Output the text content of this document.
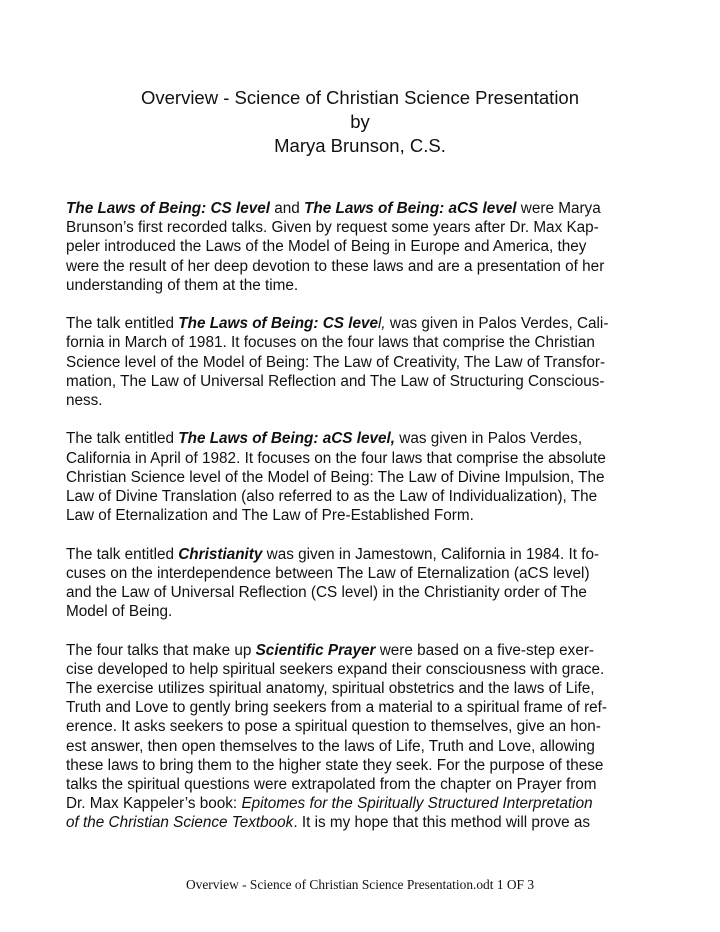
Overview - Science of Christian Science Presentation
by
Marya Brunson, C.S.
The Laws of Being: CS level and The Laws of Being: aCS level were Marya
Brunson’s first recorded talks. Given by request some years after Dr. Max Kap-
peler introduced the Laws of the Model of Being in Europe and America, they
were the result of her deep devotion to these laws and are a presentation of her
understanding of them at the time.
The talk entitled The Laws of Being: CS level, was given in Palos Verdes, Cali-
fornia in March of 1981. It focuses on the four laws that comprise the Christian
Science level of the Model of Being: The Law of Creativity, The Law of Transfor-
mation, The Law of Universal Reflection and The Law of Structuring Conscious-
ness.
The talk entitled The Laws of Being: aCS level, was given in Palos Verdes,
California in April of 1982. It focuses on the four laws that comprise the absolute
Christian Science level of the Model of Being: The Law of Divine Impulsion, The
Law of Divine Translation (also referred to as the Law of Individualization), The
Law of Eternalization and The Law of Pre-Established Form.
The talk entitled Christianity was given in Jamestown, California in 1984. It fo-
cuses on the interdependence between The Law of Eternalization (aCS level)
and the Law of Universal Reflection (CS level) in the Christianity order of The
Model of Being.
The four talks that make up Scientific Prayer were based on a five-step exer-
cise developed to help spiritual seekers expand their consciousness with grace.
The exercise utilizes spiritual anatomy, spiritual obstetrics and the laws of Life,
Truth and Love to gently bring seekers from a material to a spiritual frame of ref-
erence. It asks seekers to pose a spiritual question to themselves, give an hon-
est answer, then open themselves to the laws of Life, Truth and Love, allowing
these laws to bring them to the higher state they seek. For the purpose of these
talks the spiritual questions were extrapolated from the chapter on Prayer from
Dr. Max Kappeler’s book: Epitomes for the Spiritually Structured Interpretation
of the Christian Science Textbook. It is my hope that this method will prove as
Overview - Science of Christian Science Presentation.odt 1 OF 3
